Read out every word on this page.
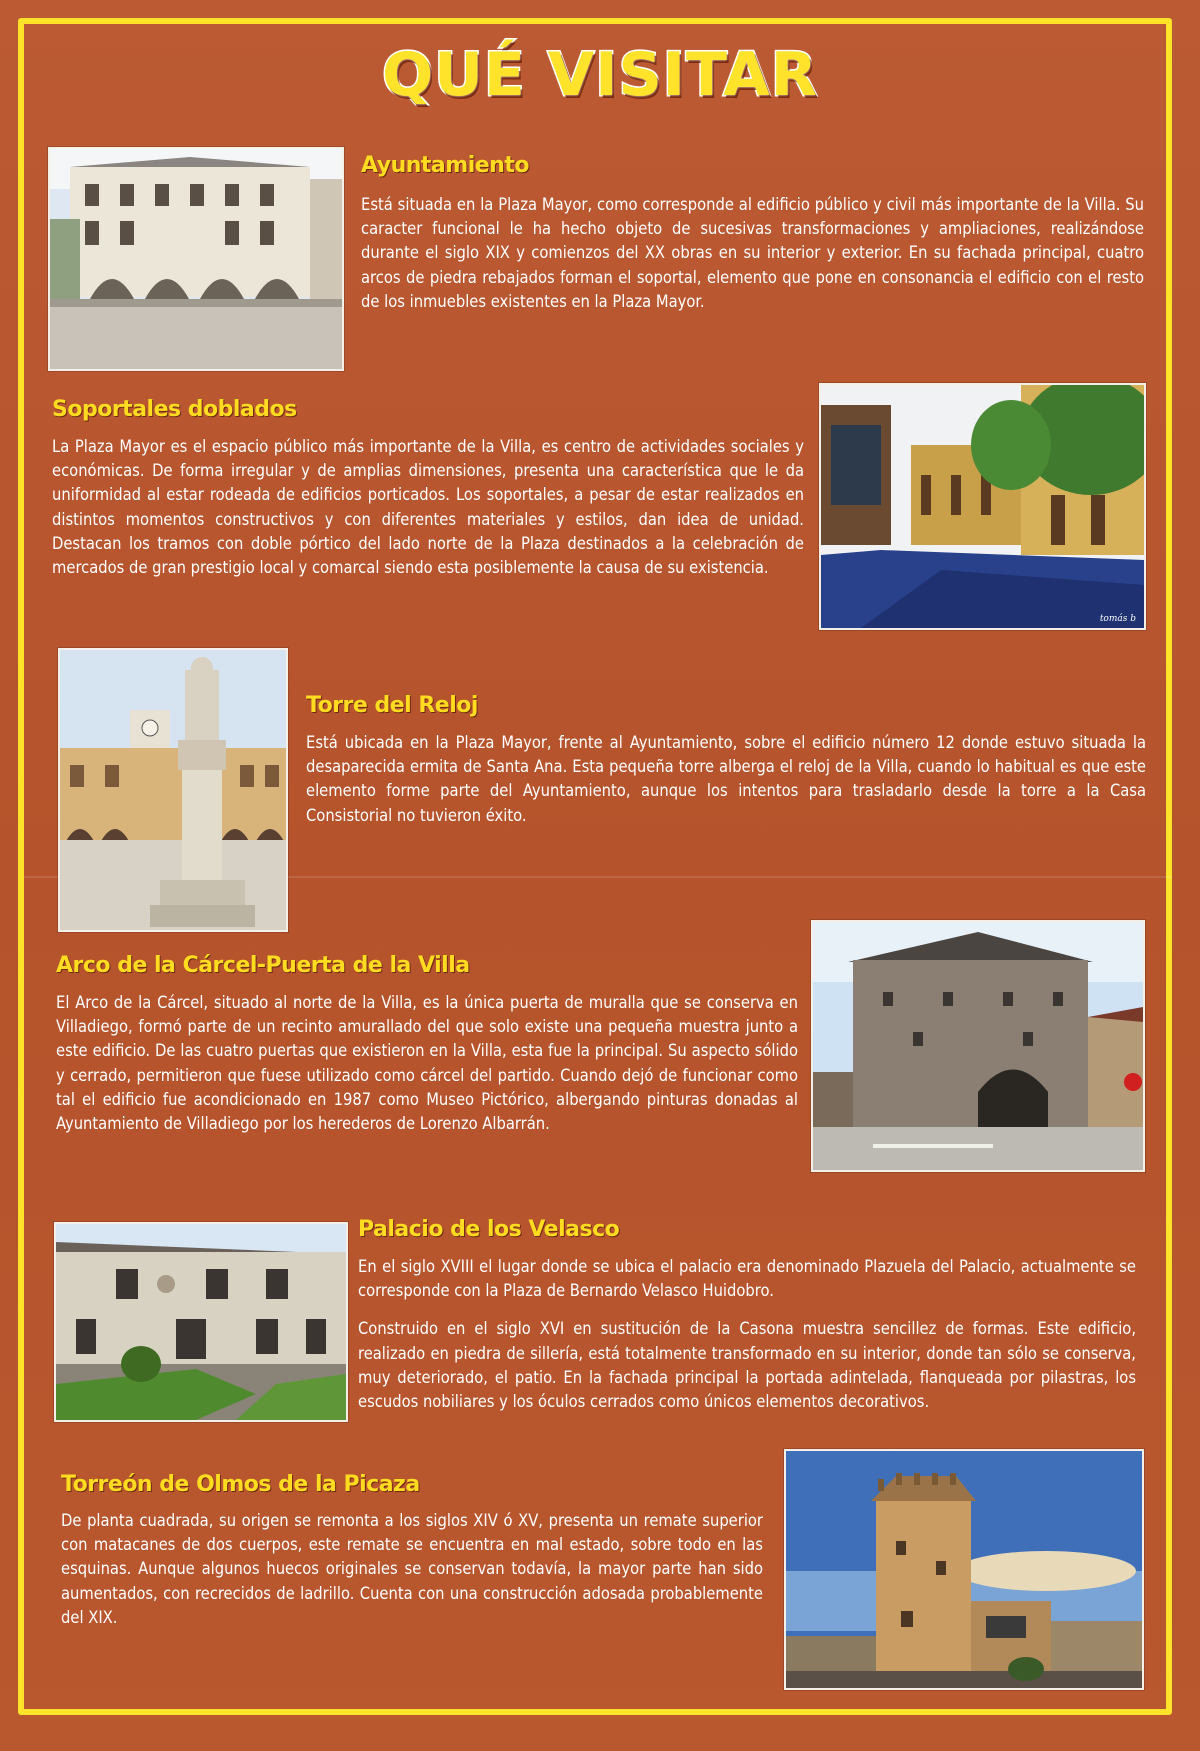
QUÉ VISITAR
Ayuntamiento

Está situada en la Plaza Mayor, como corresponde al edificio público y civil más importante de la Villa. Su caracter funcional le ha hecho objeto de sucesivas transformaciones y ampliaciones, realizándose durante el siglo XIX y comienzos del XX obras en su interior y exterior. En su fachada principal, cuatro arcos de piedra rebajados forman el soportal, elemento que pone en consonancia el edificio con el resto de los inmuebles existentes en la Plaza Mayor.

Soportales doblados

La Plaza Mayor es el espacio público más importante de la Villa, es centro de actividades sociales y económicas. De forma irregular y de amplias dimensiones, presenta una característica que le da uniformidad al estar rodeada de edificios porticados. Los soportales, a pesar de estar realizados en distintos momentos constructivos y con diferentes materiales y estilos, dan idea de unidad. Destacan los tramos con doble pórtico del lado norte de la Plaza destinados a la celebración de mercados de gran prestigio local y comarcal siendo esta posiblemente la causa de su existencia.

tomás b
Torre del Reloj

Está ubicada en la Plaza Mayor, frente al Ayuntamiento, sobre el edificio número 12 donde estuvo situada la desaparecida ermita de Santa Ana. Esta pequeña torre alberga el reloj de la Villa, cuando lo habitual es que este elemento forme parte del Ayuntamiento, aunque los intentos para trasladarlo desde la torre a la Casa Consistorial no tuvieron éxito.

Arco de la Cárcel-Puerta de la Villa

El Arco de la Cárcel, situado al norte de la Villa, es la única puerta de muralla que se conserva en Villadiego, formó parte de un recinto amurallado del que solo existe una pequeña muestra junto a este edificio. De las cuatro puertas que existieron en la Villa, esta fue la principal. Su aspecto sólido y cerrado, permitieron que fuese utilizado como cárcel del partido. Cuando dejó de funcionar como tal el edificio fue acondicionado en 1987 como Museo Pictórico, albergando pinturas donadas al Ayuntamiento de Villadiego por los herederos de Lorenzo Albarrán.

Palacio de los Velasco

En el siglo XVIII el lugar donde se ubica el palacio era denominado Plazuela del Palacio, actualmente se corresponde con la Plaza de Bernardo Velasco Huidobro.

Construido en el siglo XVI en sustitución de la Casona muestra sencillez de formas. Este edificio, realizado en piedra de sillería, está totalmente transformado en su interior, donde tan sólo se conserva, muy deteriorado, el patio. En la fachada principal la portada adintelada, flanqueada por pilastras, los escudos nobiliares y los óculos cerrados como únicos elementos decorativos.

Torreón de Olmos de la Picaza

De planta cuadrada, su origen se remonta a los siglos XIV ó XV, presenta un remate superior con matacanes de dos cuerpos, este remate se encuentra en mal estado, sobre todo en las esquinas. Aunque algunos huecos originales se conservan todavía, la mayor parte han sido aumentados, con recrecidos de ladrillo. Cuenta con una construcción adosada probablemente del XIX.
